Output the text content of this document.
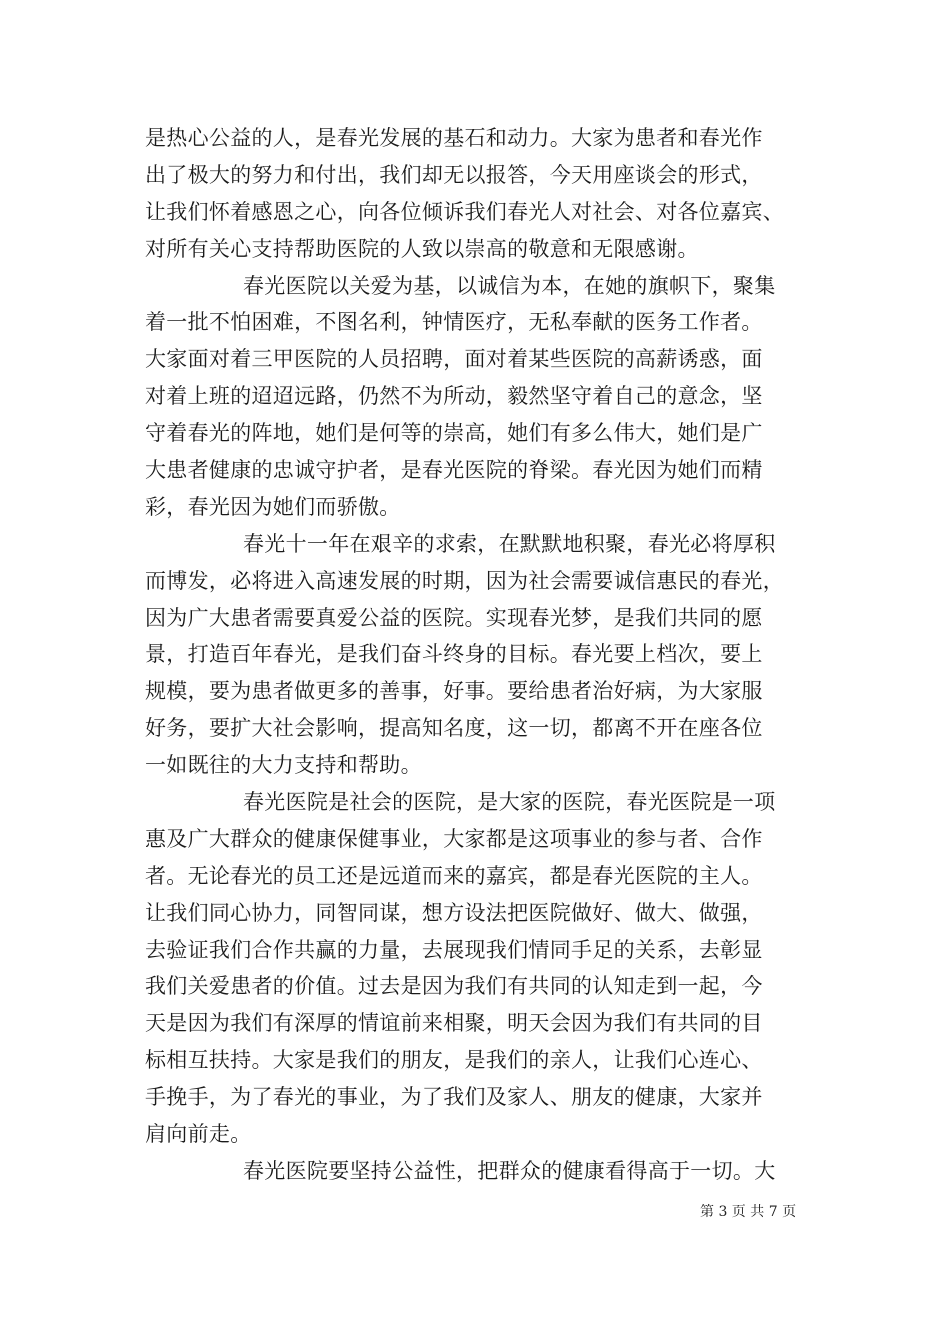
是热心公益的人，是春光发展的基石和动力。大家为患者和春光作
出了极大的努力和付出，我们却无以报答，今天用座谈会的形式，
让我们怀着感恩之心，向各位倾诉我们春光人对社会、对各位嘉宾、
对所有关心支持帮助医院的人致以崇高的敬意和无限感谢。
春光医院以关爱为基，以诚信为本，在她的旗帜下，聚集
着一批不怕困难，不图名利，钟情医疗，无私奉献的医务工作者。
大家面对着三甲医院的人员招聘，面对着某些医院的高薪诱惑，面
对着上班的迢迢远路，仍然不为所动，毅然坚守着自己的意念，坚
守着春光的阵地，她们是何等的崇高，她们有多么伟大，她们是广
大患者健康的忠诚守护者，是春光医院的脊梁。春光因为她们而精
彩，春光因为她们而骄傲。
春光十一年在艰辛的求索，在默默地积聚，春光必将厚积
而博发，必将进入高速发展的时期，因为社会需要诚信惠民的春光，
因为广大患者需要真爱公益的医院。实现春光梦，是我们共同的愿
景，打造百年春光，是我们奋斗终身的目标。春光要上档次，要上
规模，要为患者做更多的善事，好事。要给患者治好病，为大家服
好务，要扩大社会影响，提高知名度，这一切，都离不开在座各位
一如既往的大力支持和帮助。
春光医院是社会的医院，是大家的医院，春光医院是一项
惠及广大群众的健康保健事业，大家都是这项事业的参与者、合作
者。无论春光的员工还是远道而来的嘉宾，都是春光医院的主人。
让我们同心协力，同智同谋，想方设法把医院做好、做大、做强，
去验证我们合作共赢的力量，去展现我们情同手足的关系，去彰显
我们关爱患者的价值。过去是因为我们有共同的认知走到一起，今
天是因为我们有深厚的情谊前来相聚，明天会因为我们有共同的目
标相互扶持。大家是我们的朋友，是我们的亲人，让我们心连心、
手挽手，为了春光的事业，为了我们及家人、朋友的健康，大家并
肩向前走。
春光医院要坚持公益性，把群众的健康看得高于一切。大
第 3 页 共 7 页
